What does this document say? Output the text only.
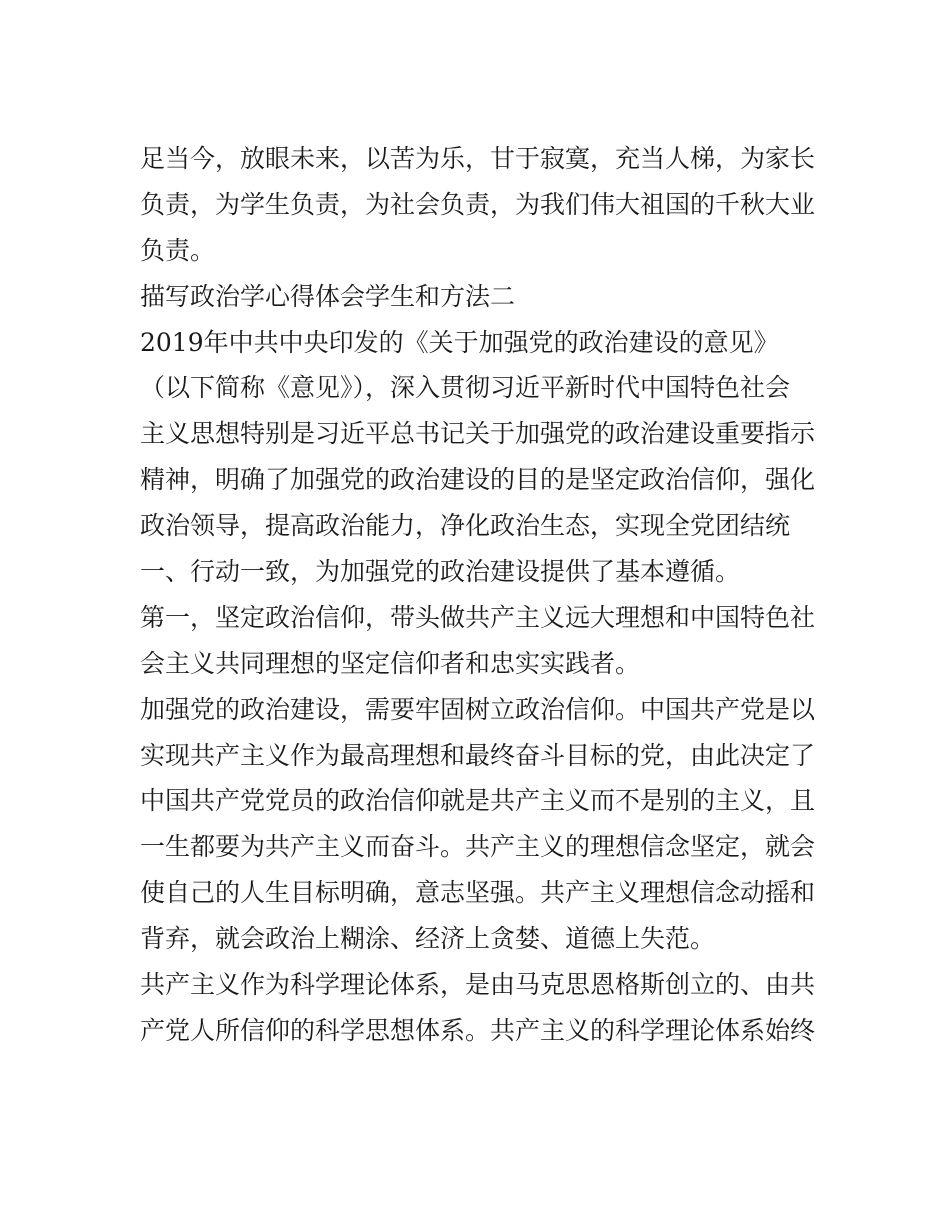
足当今，放眼未来，以苦为乐，甘于寂寞，充当人梯，为家长
负责，为学生负责，为社会负责，为我们伟大祖国的千秋大业
负责。
描写政治学心得体会学生和方法二
2019年中共中央印发的《关于加强党的政治建设的意见》
（以下简称《意见》），深入贯彻习近平新时代中国特色社会
主义思想特别是习近平总书记关于加强党的政治建设重要指示
精神，明确了加强党的政治建设的目的是坚定政治信仰，强化
政治领导，提高政治能力，净化政治生态，实现全党团结统
一、行动一致，为加强党的政治建设提供了基本遵循。
第一，坚定政治信仰，带头做共产主义远大理想和中国特色社
会主义共同理想的坚定信仰者和忠实实践者。
加强党的政治建设，需要牢固树立政治信仰。中国共产党是以
实现共产主义作为最高理想和最终奋斗目标的党，由此决定了
中国共产党党员的政治信仰就是共产主义而不是别的主义，且
一生都要为共产主义而奋斗。共产主义的理想信念坚定，就会
使自己的人生目标明确，意志坚强。共产主义理想信念动摇和
背弃，就会政治上糊涂、经济上贪婪、道德上失范。
共产主义作为科学理论体系，是由马克思恩格斯创立的、由共
产党人所信仰的科学思想体系。共产主义的科学理论体系始终
